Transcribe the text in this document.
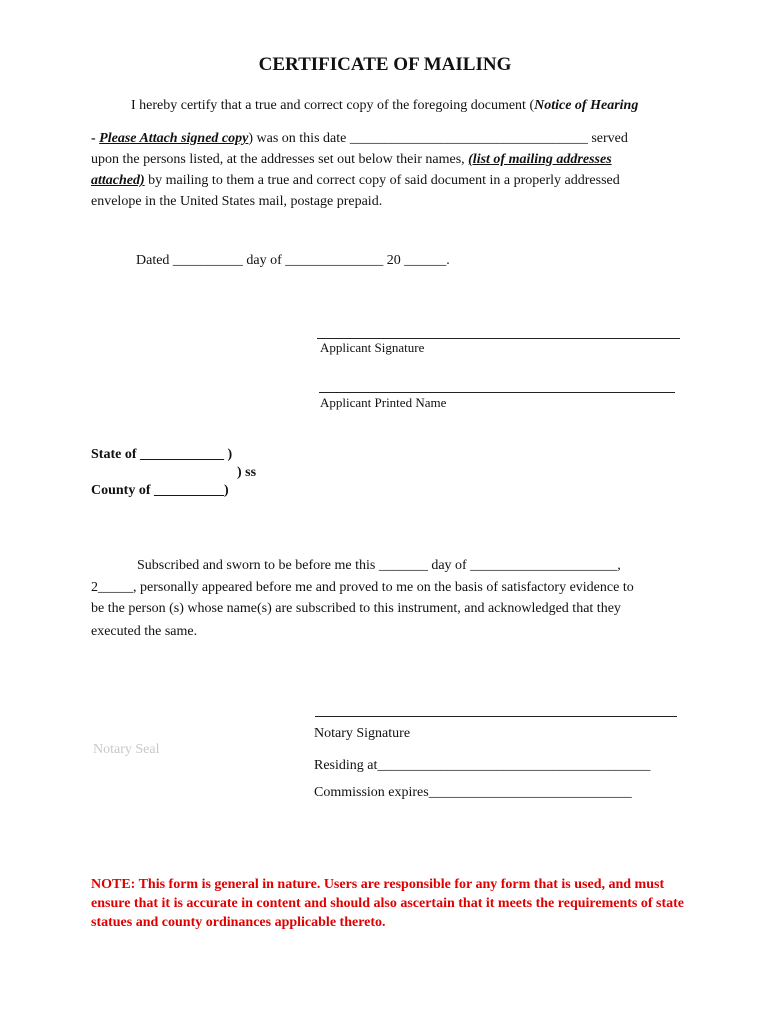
CERTIFICATE OF MAILING
I hereby certify that a true and correct copy of the foregoing document (Notice of Hearing
- Please Attach signed copy) was on this date __________________________________ served
upon the persons listed, at the addresses set out below their names, (list of mailing addresses
attached) by mailing to them a true and correct copy of said document in a properly addressed
envelope in the United States mail, postage prepaid.
Dated __________ day of ______________ 20 ______.
Applicant Signature
Applicant Printed Name
State of ____________ )
) ss
County of __________)
Subscribed and sworn to be before me this _______ day of _____________________,
2_____, personally appeared before me and proved to me on the basis of satisfactory evidence to
be the person (s) whose name(s) are subscribed to this instrument, and acknowledged that they
executed the same.
Notary Seal
Notary Signature
Residing at_______________________________________
Commission expires_____________________________
NOTE: This form is general in nature. Users are responsible for any form that is used, and must ensure that it is accurate in content and should also ascertain that it meets the requirements of state statues and county ordinances applicable thereto.
